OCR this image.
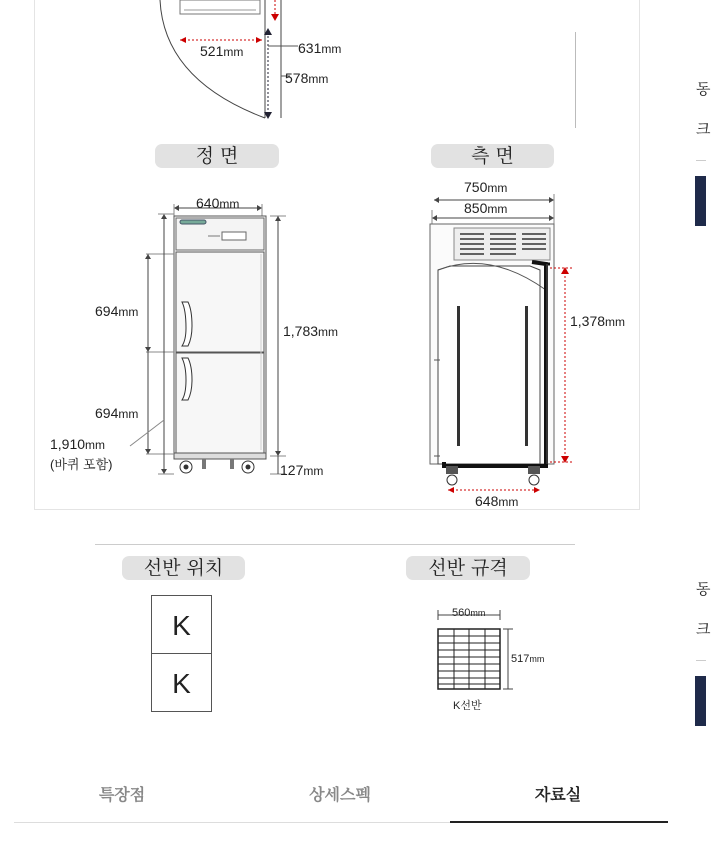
521mm	631mm
578mm
정 면
640mm
694mm
694mm
1,783mm
1,910mm
(바퀴 포함)	127mm
측 면
750mm
850mm
1,378mm
648mm
선반 위치
K
K
선반 규격
560mm
517mm
K선반
특장점	상세스펙	자료실
동
크
동
크
